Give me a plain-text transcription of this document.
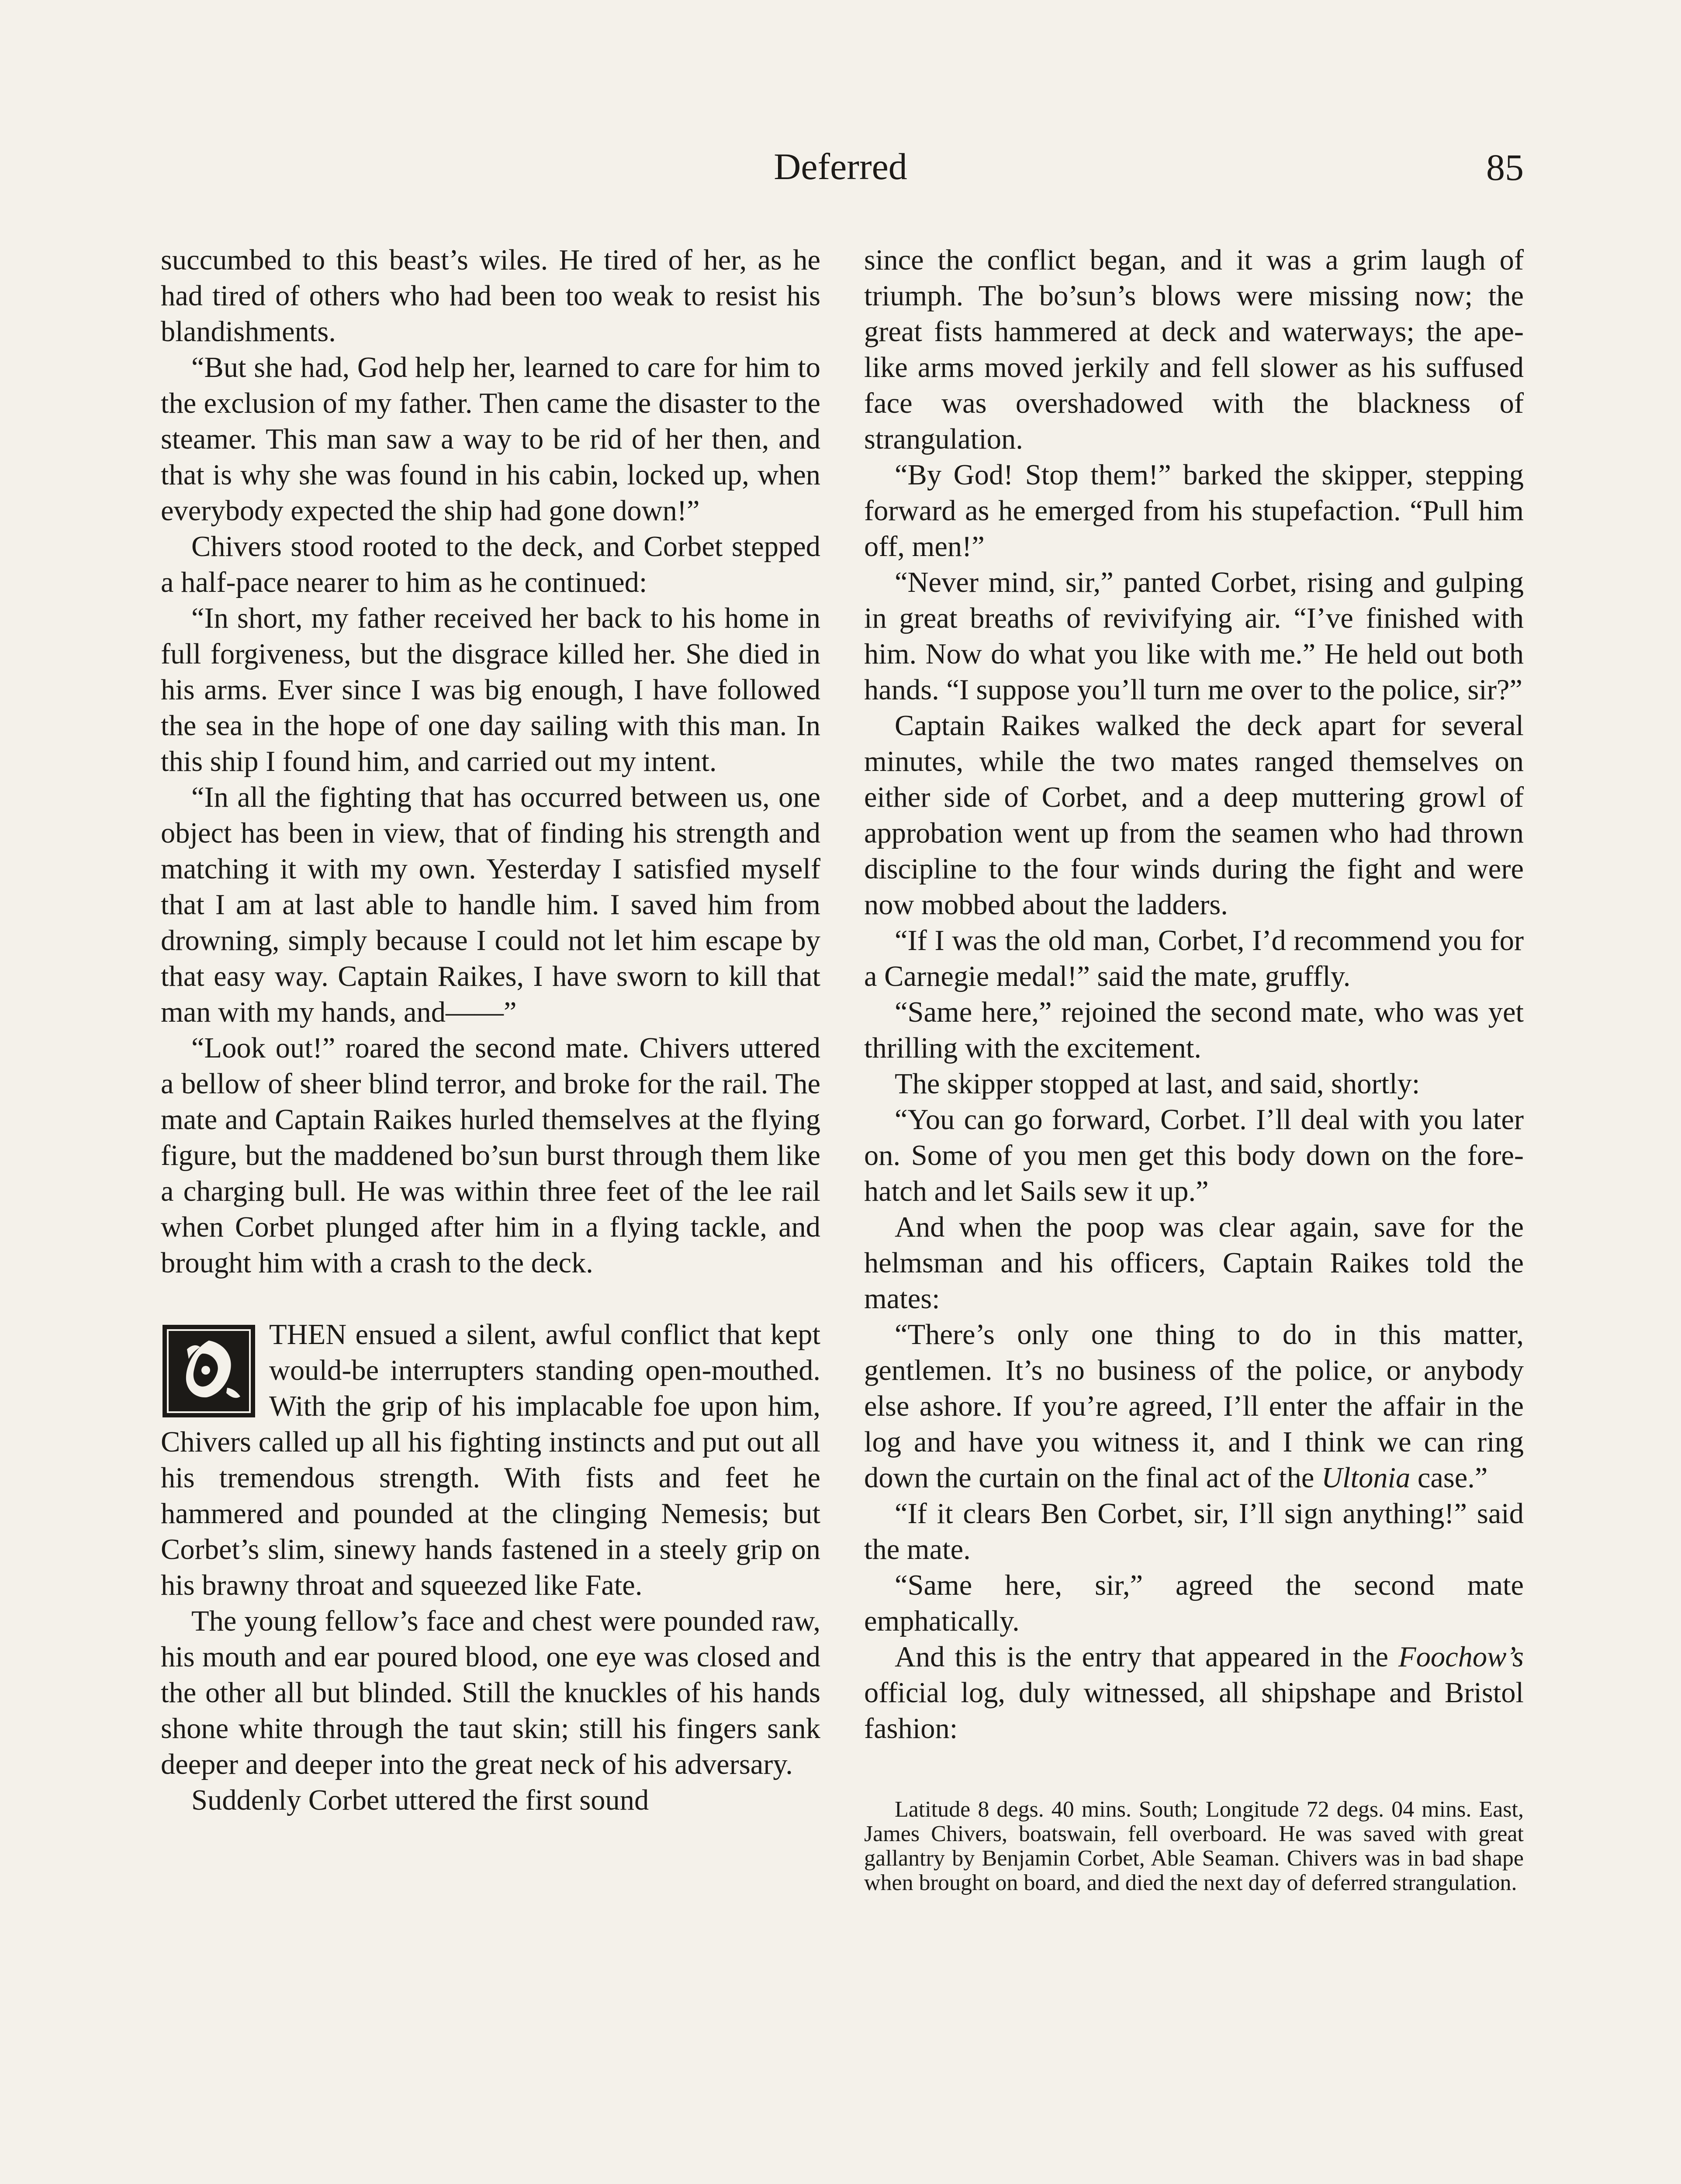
Deferred	85

succumbed to this beast’s wiles. He tired of her, as he had tired of others who had been too weak to resist his blandishments.

“But she had, God help her, learned to care for him to the exclusion of my father. Then came the disaster to the steamer. This man saw a way to be rid of her then, and that is why she was found in his cabin, locked up, when everybody expected the ship had gone down!”

Chivers stood rooted to the deck, and Corbet stepped a half-pace nearer to him as he continued:

“In short, my father received her back to his home in full forgiveness, but the disgrace killed her. She died in his arms. Ever since I was big enough, I have followed the sea in the hope of one day sailing with this man. In this ship I found him, and carried out my intent.

“In all the fighting that has occurred between us, one object has been in view, that of finding his strength and matching it with my own. Yesterday I satisfied myself that I am at last able to handle him. I saved him from drowning, simply because I could not let him escape by that easy way. Captain Raikes, I have sworn to kill that man with my hands, and——”

“Look out!” roared the second mate. Chivers uttered a bellow of sheer blind terror, and broke for the rail. The mate and Captain Raikes hurled themselves at the flying figure, but the maddened bo’sun burst through them like a charging bull. He was within three feet of the lee rail when Corbet plunged after him in a flying tackle, and brought him with a crash to the deck.

THEN ensued a silent, awful conflict that kept would-be interrupters standing open-mouthed. With the grip of his implacable foe upon him, Chivers called up all his fighting instincts and put out all his tremendous strength. With fists and feet he hammered and pounded at the clinging Nemesis; but Corbet’s slim, sinewy hands fastened in a steely grip on his brawny throat and squeezed like Fate.

The young fellow’s face and chest were pounded raw, his mouth and ear poured blood, one eye was closed and the other all but blinded. Still the knuckles of his hands shone white through the taut skin; still his fingers sank deeper and deeper into the great neck of his adversary.

Suddenly Corbet uttered the first sound

since the conflict began, and it was a grim laugh of triumph. The bo’sun’s blows were missing now; the great fists hammered at deck and waterways; the ape-like arms moved jerkily and fell slower as his suffused face was overshadowed with the blackness of strangulation.

“By God! Stop them!” barked the skipper, stepping forward as he emerged from his stupefaction. “Pull him off, men!”

“Never mind, sir,” panted Corbet, rising and gulping in great breaths of revivifying air. “I’ve finished with him. Now do what you like with me.” He held out both hands. “I suppose you’ll turn me over to the police, sir?”

Captain Raikes walked the deck apart for several minutes, while the two mates ranged themselves on either side of Corbet, and a deep muttering growl of approbation went up from the seamen who had thrown discipline to the four winds during the fight and were now mobbed about the ladders.

“If I was the old man, Corbet, I’d recommend you for a Carnegie medal!” said the mate, gruffly.

“Same here,” rejoined the second mate, who was yet thrilling with the excitement.

The skipper stopped at last, and said, shortly:

“You can go forward, Corbet. I’ll deal with you later on. Some of you men get this body down on the fore-hatch and let Sails sew it up.”

And when the poop was clear again, save for the helmsman and his officers, Captain Raikes told the mates:

“There’s only one thing to do in this matter, gentlemen. It’s no business of the police, or anybody else ashore. If you’re agreed, I’ll enter the affair in the log and have you witness it, and I think we can ring down the curtain on the final act of the Ultonia case.”

“If it clears Ben Corbet, sir, I’ll sign anything!” said the mate.

“Same here, sir,” agreed the second mate emphatically.

And this is the entry that appeared in the Foochow’s official log, duly witnessed, all shipshape and Bristol fashion:

Latitude 8 degs. 40 mins. South; Longitude 72 degs. 04 mins. East, James Chivers, boatswain, fell overboard. He was saved with great gallantry by Benjamin Corbet, Able Seaman. Chivers was in bad shape when brought on board, and died the next day of deferred strangulation.
